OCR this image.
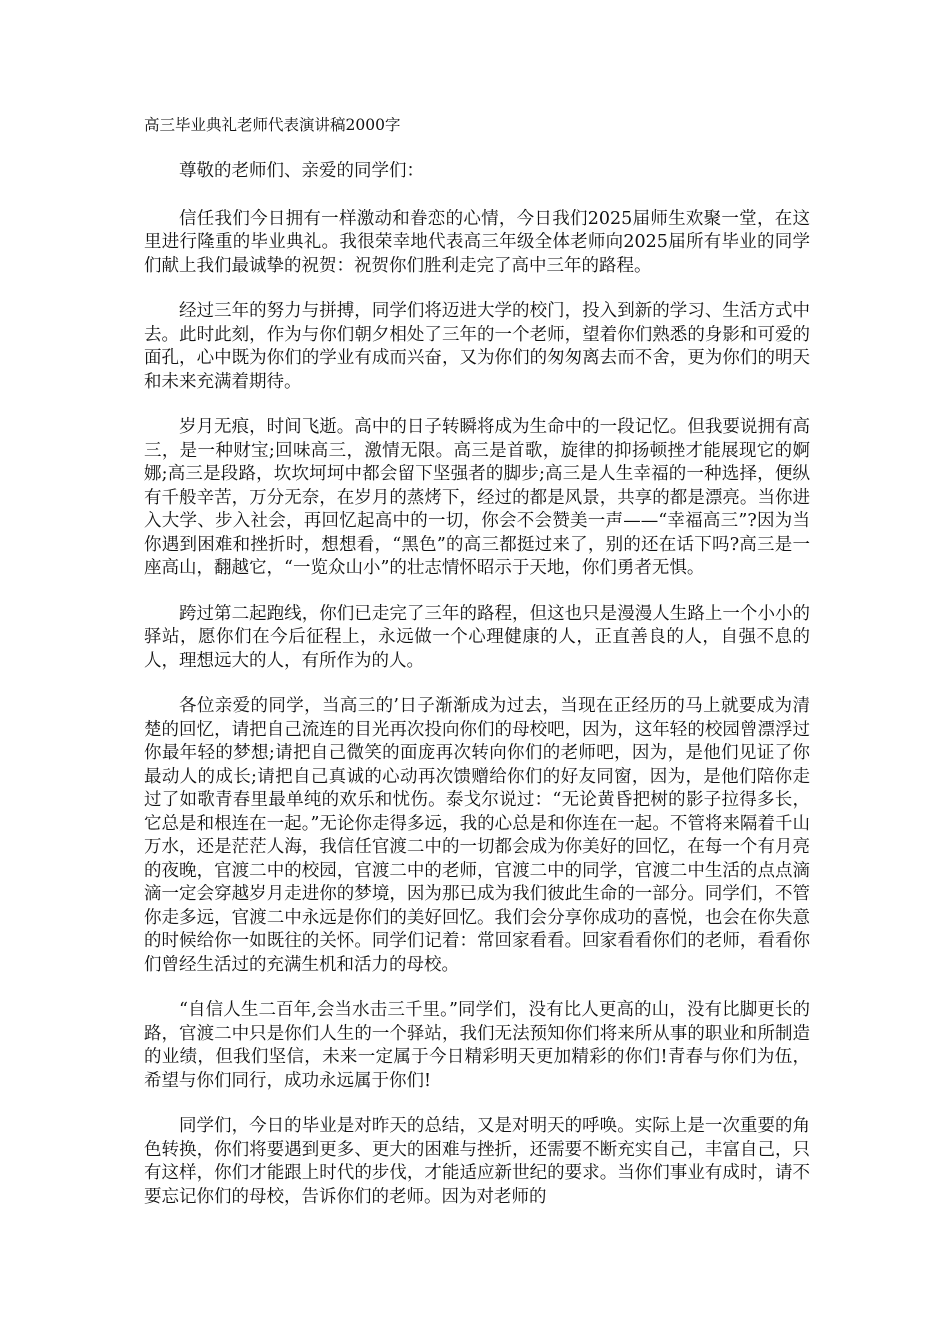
高三毕业典礼老师代表演讲稿2000字

尊敬的老师们、亲爱的同学们：

信任我们今日拥有一样激动和眷恋的心情，今日我们2025届师生欢聚一堂，在这里进行隆重的毕业典礼。我很荣幸地代表高三年级全体老师向2025届所有毕业的同学们献上我们最诚挚的祝贺：祝贺你们胜利走完了高中三年的路程。

经过三年的努力与拼搏，同学们将迈进大学的校门，投入到新的学习、生活方式中去。此时此刻，作为与你们朝夕相处了三年的一个老师，望着你们熟悉的身影和可爱的面孔，心中既为你们的学业有成而兴奋，又为你们的匆匆离去而不舍，更为你们的明天和未来充满着期待。

岁月无痕，时间飞逝。高中的日子转瞬将成为生命中的一段记忆。但我要说拥有高三，是一种财宝;回味高三，激情无限。高三是首歌，旋律的抑扬顿挫才能展现它的婀娜;高三是段路，坎坎坷坷中都会留下坚强者的脚步;高三是人生幸福的一种选择，便纵有千般辛苦，万分无奈，在岁月的蒸烤下，经过的都是风景，共享的都是漂亮。当你进入大学、步入社会，再回忆起高中的一切，你会不会赞美一声——“幸福高三”?因为当你遇到困难和挫折时，想想看，“黑色”的高三都挺过来了，别的还在话下吗?高三是一座高山，翻越它，“一览众山小”的壮志情怀昭示于天地，你们勇者无惧。

跨过第二起跑线，你们已走完了三年的路程，但这也只是漫漫人生路上一个小小的驿站，愿你们在今后征程上，永远做一个心理健康的人，正直善良的人，自强不息的人，理想远大的人，有所作为的人。

各位亲爱的同学，当高三的’日子渐渐成为过去，当现在正经历的马上就要成为清楚的回忆，请把自己流连的目光再次投向你们的母校吧，因为，这年轻的校园曾漂浮过你最年轻的梦想;请把自己微笑的面庞再次转向你们的老师吧，因为，是他们见证了你最动人的成长;请把自己真诚的心动再次馈赠给你们的好友同窗，因为，是他们陪你走过了如歌青春里最单纯的欢乐和忧伤。泰戈尔说过：“无论黄昏把树的影子拉得多长，它总是和根连在一起。”无论你走得多远，我的心总是和你连在一起。不管将来隔着千山万水，还是茫茫人海，我信任官渡二中的一切都会成为你美好的回忆，在每一个有月亮的夜晚，官渡二中的校园，官渡二中的老师，官渡二中的同学，官渡二中生活的点点滴滴一定会穿越岁月走进你的梦境，因为那已成为我们彼此生命的一部分。同学们，不管你走多远，官渡二中永远是你们的美好回忆。我们会分享你成功的喜悦，也会在你失意的时候给你一如既往的关怀。同学们记着：常回家看看。回家看看你们的老师，看看你们曾经生活过的充满生机和活力的母校。

“自信人生二百年,会当水击三千里。”同学们，没有比人更高的山，没有比脚更长的路，官渡二中只是你们人生的一个驿站，我们无法预知你们将来所从事的职业和所制造的业绩，但我们坚信，未来一定属于今日精彩明天更加精彩的你们!青春与你们为伍，希望与你们同行，成功永远属于你们!

同学们，今日的毕业是对昨天的总结，又是对明天的呼唤。实际上是一次重要的角色转换，你们将要遇到更多、更大的困难与挫折，还需要不断充实自己，丰富自己，只有这样，你们才能跟上时代的步伐，才能适应新世纪的要求。当你们事业有成时，请不要忘记你们的母校，告诉你们的老师。因为对老师的
